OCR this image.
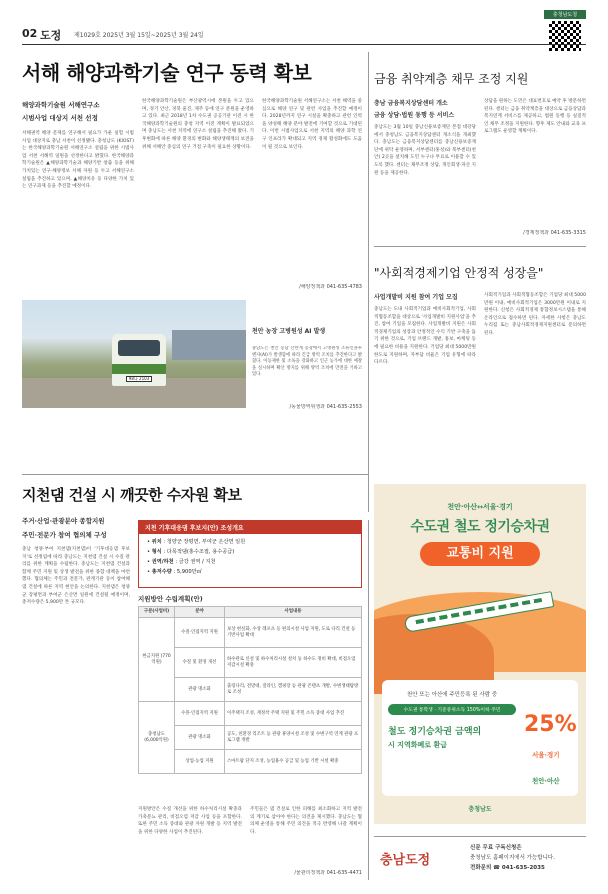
02 도정 제1029호 2025년 3월 15일~2025년 3월 24일
충청남도청
서해 해양과학기술 연구 동력 확보
해양과학기술원 서해연구소
시범사업 대상지 서천 선정
서해권역 해양 문제를 연구해서 필요가 가운 실험 시범사업 대상지로 충남 서천이 선정됐다. 충청남도 (KIOST)는 한국해양과학기술원 서해연구소 설립을 위한 시범사업 서천 서해역 일원을 선정한다고 밝혔다. 한국해양과학기술원은 ▲해양과학기술과 해양기반 창출 등을 위해 가치있는 연구·해양정보 서해 자원 등 두고 서해연구소 설립을 추진하고 있으며, ▲해양치유 등 다양한 가치 있는 연구과제 등을 추진할 예정이다.
한국해양과학기술원은 부산광역시에 본원을 두고 있으며, 경기 안산, 경북 울진, 제주 등에 연구 분원을 운영하고 있다. 최근 2018년 1차 수도권 공공기관 이전 시 한국해양과학기술원의 충청 지역 이전 계획이 발표되었으며 충남도는 서천 지역에 연구소 설립을 추진해 왔다. 기후변화에 따른 해양 환경의 변화와 해양생태계의 보전을 위해 서해안 중심의 연구 거점 구축이 필요한 상황이다.
한국해양과학기술원 서해연구소는 서천 해역을 중심으로 해양 연구 및 관련 사업을 추진할 예정이다. 2028년까지 연구 시설을 확충하고 관련 인력을 양성해 해양 분야 발전에 기여할 것으로 기대된다. 이번 시범사업으로 서천 지역의 해양 과학 연구 인프라가 확대되고 지역 경제 활성화에도 도움이 될 것으로 보인다.
/해양정책과 041-635-4783
금융 취약계층 채무 조정 지원
충남 금융복지상담센터 개소
금융 상담·법원 동행 등 서비스
충남도는 3월 10일 충남신용보증재단 본점 대강당에서 충청남도 금융복지상담센터 개소식을 개최했다. 충남도는 금융복지상담센터를 충남신용보증재단에 위탁 운영하며, 서부센터(홍성)와 북부센터(천안) 2곳을 설치해 도민 누구나 무료로 이용할 수 있도록 했다. 센터는 채무조정 상담, 개인회생·파산 지원 등을 제공한다.
상담을 원하는 도민은 대표번호로 예약 후 방문하면 된다. 센터는 금융 취약계층을 대상으로 금융상담과 복지연계 서비스를 제공하고, 법원 동행 등 실질적인 채무 조정을 지원한다. 향후 제도 안내와 교육 프로그램도 운영할 계획이다.
/경제정책과 041-635-3315
98나 2103
천안 농장 고병원성 AI 발생
충남도는 천안 동남 산란계 농장에서 고병원성 조류인플루엔자(AI)가 발생함에 따라 긴급 방역 조치를 추진한다고 밝혔다. 이동제한 및 소독을 강화하고 인근 농가에 대한 예찰을 실시하며 확산 방지를 위해 방역 조치에 만전을 기하고 있다.
/동물방역위생과 041-635-2553
"사회적경제기업 안정적 성장을"
사업개발비 지원 참여 기업 모집
충남도는 도내 사회적기업과 예비사회적기업, 사회적협동조합을 대상으로 '사업개발비 지원사업'을 추진, 참여 기업을 모집한다. 사업개발비 지원은 사회적경제기업의 성장과 안정적인 수익 기반 구축을 돕기 위한 것으로, 기업 브랜드 개발, 홍보, 마케팅 등에 필요한 비용을 지원한다. 기업당 최대 5000만원 한도로 지원하며, 자부담 비율은 기업 유형에 따라 다르다.
사회적기업과 사회적협동조합은 기업당 최대 5000만원 이내, 예비사회적기업은 3000만원 이내로 지원한다. 신청은 사회적경제 통합정보시스템을 통해 온라인으로 접수하면 된다. 자세한 사항은 충남도 누리집 또는 충남사회적경제지원센터로 문의하면 된다.
지천댐 건설 시 깨끗한 수자원 확보
주거·산업·관광분야 종합지원
주민·전문가 참여 협의체 구성
충남 청양·부여 지천댐(지천댐)이 '기후대응댐 후보지'로 선정됨에 따라 충남도는 지천댐 건설 시 수질 관리를 위한 계획을 수립한다. 충남도는 지천댐 건설과 함께 주민 지원 및 상생 발전을 위한 종합 대책을 마련했다. 협의체는 주민과 전문가, 관계기관 등이 참여해 댐 건설에 따른 지역 현안을 논의한다. 지천댐은 청양군 장평면과 부여군 은산면 일원에 건설될 예정이며, 총저수량은 5,900만 톤 규모다.
지원방안은 수질 개선을 위한 하수처리시설 확충과 가축분뇨 관리, 비점오염 저감 사업 등을 포함한다. 또한 주민 소득 증대와 관광 자원 개발 등 지역 발전을 위한 다양한 사업이 추진된다.
주민들은 댐 건설로 인한 피해를 최소화하고 지역 발전의 계기로 삼아야 한다는 의견을 제시했다. 충남도는 협의체 운영을 통해 주민 의견을 적극 반영해 나갈 계획이다.
/물관리정책과 041-635-4471
지천 기후대응댐 후보지(안) 조성개요
• 위치 : 청양군 장평면, 부여군 은산면 일원
• 형식 : 다목적댐(홍수조절, 용수공급)
• 권역/하천 : 금강 권역 / 지천
• 총저수량 : 5,900만㎥
지원방안 수립계획(안)
구분(사업비)	분야	사업내용
현금지원 (770억원)	수질·인접지역 지원	보상 현실화, 수상 레포츠 등 편의시설 사업 지원, 도로 다리 건설 등 기반사업 확대
	수질 및 환경 개선	하수관로 신설 및 하수처리시설 설치 등 하수도 정비 확대, 비점오염 저감시설 확충
	관광 명소화	출렁다리, 전망대, 짚라인, 캠핑장 등 관광 콘텐츠 개발, 수변생태탐방로 조성
충청남도 (6,000억원)	수몰·인접지역 지원	이주택지 조성, 재정착 주택 지원 및 주민 소득 증대 사업 추진
	관광 명소화	공도, 친환경 리조트 등 관광 휴양시설 조성 및 수변구역 연계 관광 프로그램 개발
	상업·농업 지원	스마트팜 단지 조성, 농업용수 공급 및 농업 기반 시설 확충
천안·아산↔서울·경기
수도권 철도 정기승차권
교통비 지원
천안 또는 아산에 주민등록 된 사람 중
수도권 통학생 · 기준중위소득 150%이하 주민
철도 정기승차권 금액의	25%
시 지역화폐로 환급
서울·경기
천안·아산
충청남도
충남도정
신문 무료 구독신청은
충청남도 홈페이지에서 가능합니다.
전화문의 ☎ 041-635-2035
